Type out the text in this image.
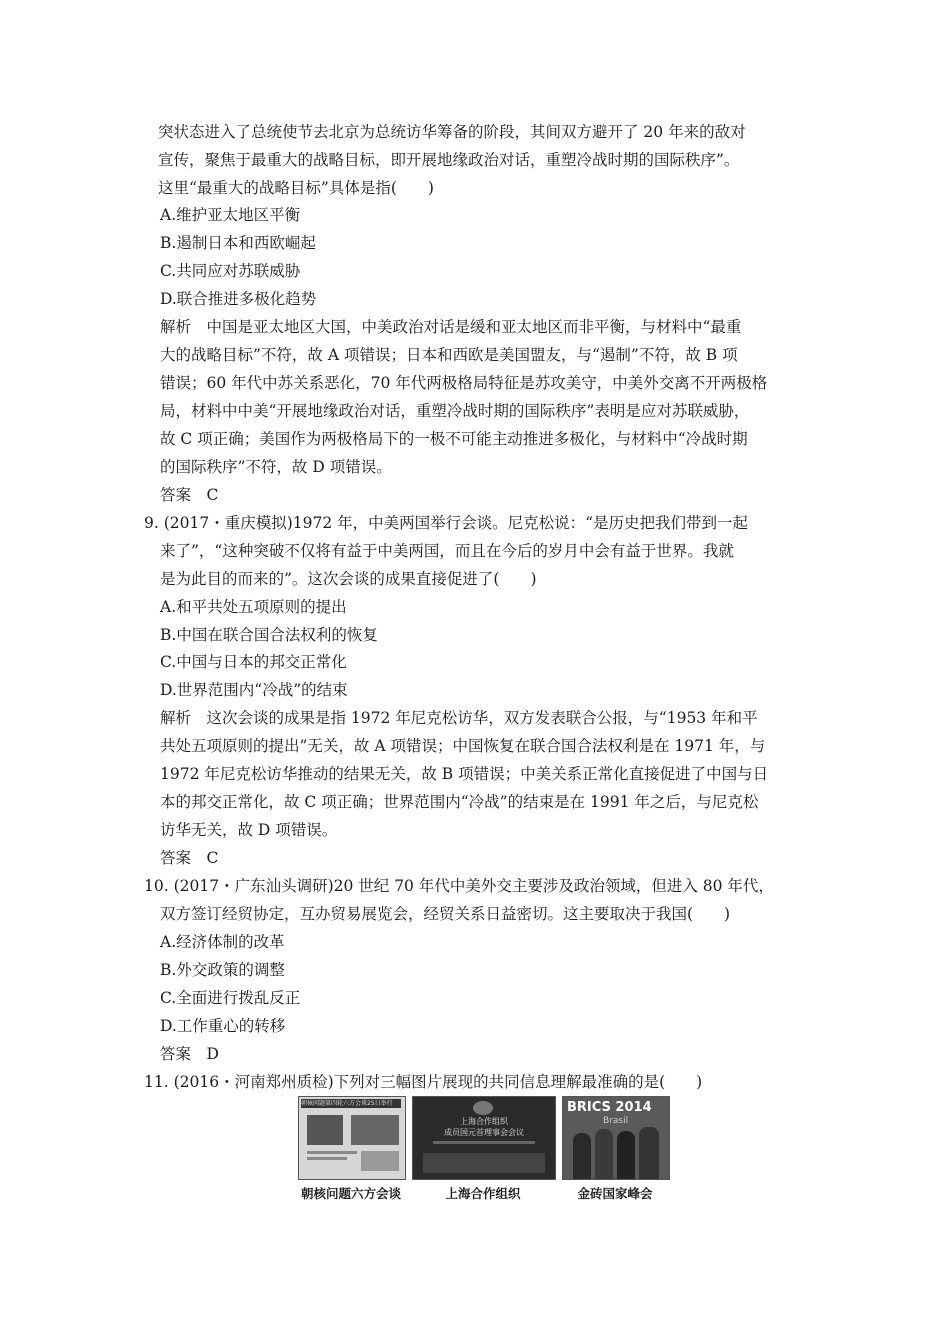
突状态进入了总统使节去北京为总统访华筹备的阶段，其间双方避开了 20 年来的敌对
宣传，聚焦于最重大的战略目标，即开展地缘政治对话，重塑冷战时期的国际秩序”。
这里“最重大的战略目标”具体是指(　　)
A.维护亚太地区平衡
B.遏制日本和西欧崛起
C.共同应对苏联威胁
D.联合推进多极化趋势
解析　中国是亚太地区大国，中美政治对话是缓和亚太地区而非平衡，与材料中“最重
大的战略目标”不符，故 A 项错误；日本和西欧是美国盟友，与“遏制”不符，故 B 项
错误；60 年代中苏关系恶化，70 年代两极格局特征是苏攻美守，中美外交离不开两极格
局，材料中中美“开展地缘政治对话，重塑冷战时期的国际秩序”表明是应对苏联威胁，
故 C 项正确；美国作为两极格局下的一极不可能主动推进多极化，与材料中“冷战时期
的国际秩序”不符，故 D 项错误。
答案　C
9. (2017・重庆模拟)1972 年，中美两国举行会谈。尼克松说：“是历史把我们带到一起
来了”，“这种突破不仅将有益于中美两国，而且在今后的岁月中会有益于世界。我就
是为此目的而来的”。这次会谈的成果直接促进了(　　)
A.和平共处五项原则的提出
B.中国在联合国合法权利的恢复
C.中国与日本的邦交正常化
D.世界范围内“冷战”的结束
解析　这次会谈的成果是指 1972 年尼克松访华，双方发表联合公报，与“1953 年和平
共处五项原则的提出”无关，故 A 项错误；中国恢复在联合国合法权利是在 1971 年，与
1972 年尼克松访华推动的结果无关，故 B 项错误；中美关系正常化直接促进了中国与日
本的邦交正常化，故 C 项正确；世界范围内“冷战”的结束是在 1991 年之后，与尼克松
访华无关，故 D 项错误。
答案　C
10. (2017・广东汕头调研)20 世纪 70 年代中美外交主要涉及政治领域，但进入 80 年代，
双方签订经贸协定，互办贸易展览会，经贸关系日益密切。这主要取决于我国(　　)
A.经济体制的改革
B.外交政策的调整
C.全面进行拨乱反正
D.工作重心的转移
答案　D
11. (2016・河南郑州质检)下列对三幅图片展现的共同信息理解最准确的是(　　)
朝核问题第四轮六方会谈25日举行
上海合作组织
成员国元首理事会会议
BRICS 2014
Brasil
朝核问题六方会谈	上海合作组织	金砖国家峰会
